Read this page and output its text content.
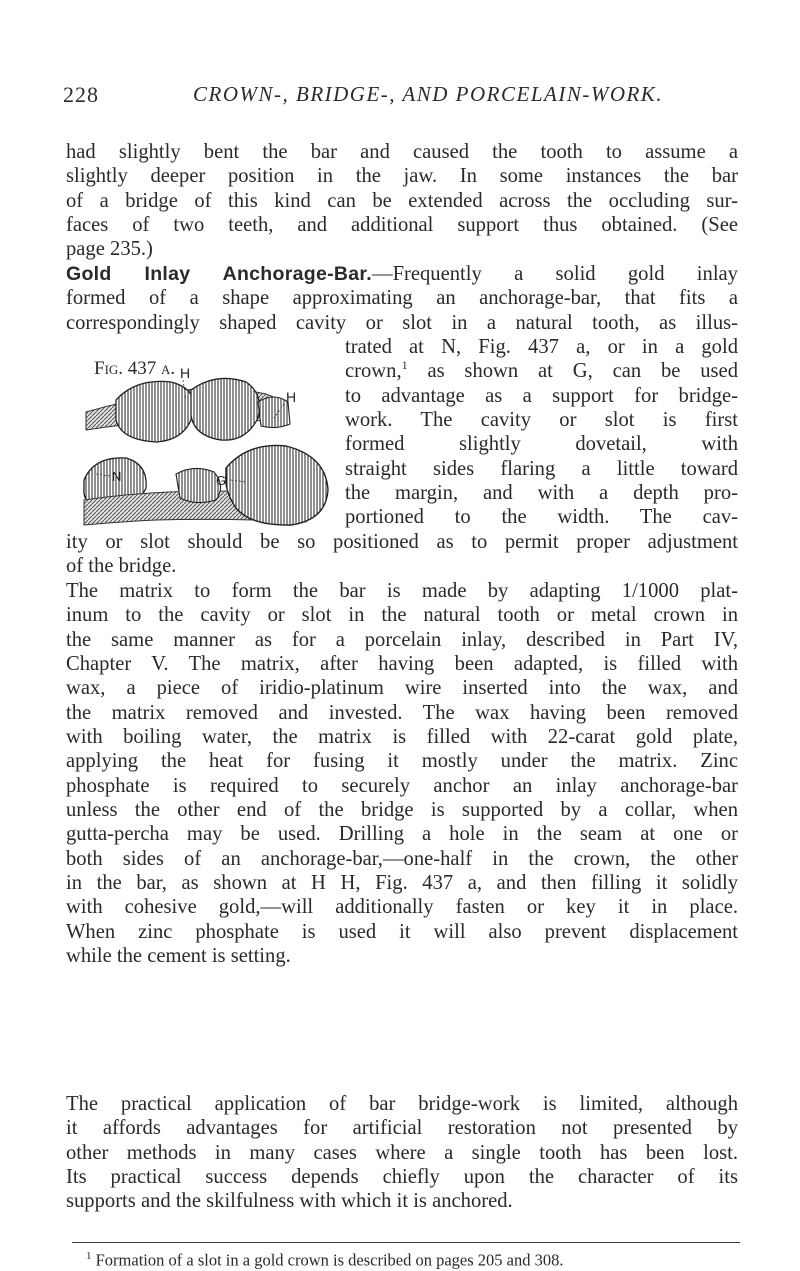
228	CROWN-, BRIDGE-, AND PORCELAIN-WORK.
had slightly bent the bar and caused the tooth to assume a
slightly deeper position in the jaw. In some instances the bar
of a bridge of this kind can be extended across the occluding sur-
faces of two teeth, and additional support thus obtained. (See
page 235.)
Gold Inlay Anchorage-Bar.—Frequently a solid gold inlay
formed of a shape approximating an anchorage-bar, that fits a
correspondingly shaped cavity or slot in a natural tooth, as illus-
Fig. 437 a. H
H
N	G
trated at N, Fig. 437 a, or in a gold
crown,$^1$ as shown at G, can be used
to advantage as a support for bridge-
work. The cavity or slot is first
formed slightly dovetail, with
straight sides flaring a little toward
the margin, and with a depth pro-
portioned to the width. The cav-
ity or slot should be so positioned as to permit proper adjustment
of the bridge.
The matrix to form the bar is made by adapting 1/1000 plat-
inum to the cavity or slot in the natural tooth or metal crown in
the same manner as for a porcelain inlay, described in Part IV,
Chapter V. The matrix, after having been adapted, is filled with
wax, a piece of iridio-platinum wire inserted into the wax, and
the matrix removed and invested. The wax having been removed
with boiling water, the matrix is filled with 22-carat gold plate,
applying the heat for fusing it mostly under the matrix. Zinc
phosphate is required to securely anchor an inlay anchorage-bar
unless the other end of the bridge is supported by a collar, when
gutta-percha may be used. Drilling a hole in the seam at one or
both sides of an anchorage-bar,—one-half in the crown, the other
in the bar, as shown at H H, Fig. 437 a, and then filling it solidly
with cohesive gold,—will additionally fasten or key it in place.
When zinc phosphate is used it will also prevent displacement
while the cement is setting.
The practical application of bar bridge-work is limited, although
it affords advantages for artificial restoration not presented by
other methods in many cases where a single tooth has been lost.
Its practical success depends chiefly upon the character of its
supports and the skilfulness with which it is anchored.
$^1$ Formation of a slot in a gold crown is described on pages 205 and 308.
